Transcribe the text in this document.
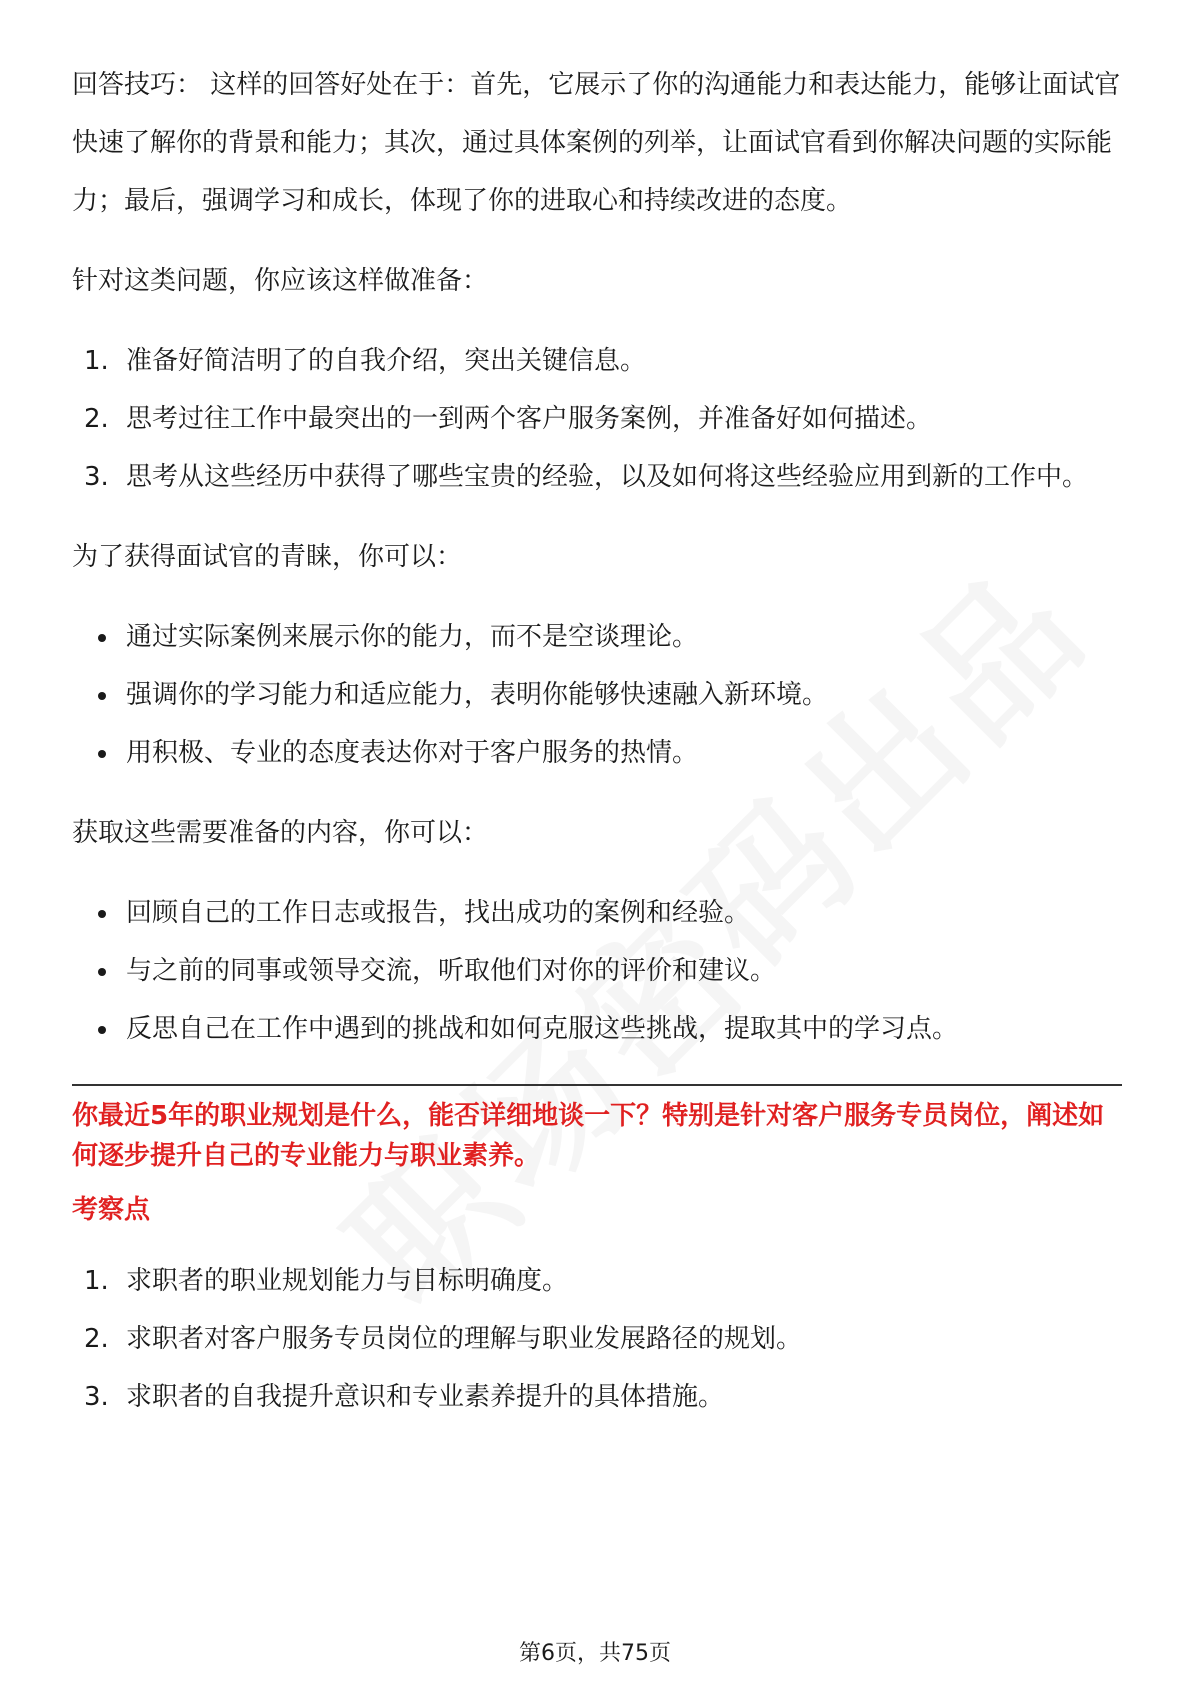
回答技巧： 这样的回答好处在于：首先，它展示了你的沟通能力和表达能力，能够让面试官快速了解你的背景和能力；其次，通过具体案例的列举，让面试官看到你解决问题的实际能力；最后，强调学习和成长，体现了你的进取心和持续改进的态度。

针对这类问题，你应该这样做准备：

1. 准备好简洁明了的自我介绍，突出关键信息。
2. 思考过往工作中最突出的一到两个客户服务案例，并准备好如何描述。
3. 思考从这些经历中获得了哪些宝贵的经验，以及如何将这些经验应用到新的工作中。

为了获得面试官的青睐，你可以：

通过实际案例来展示你的能力，而不是空谈理论。
强调你的学习能力和适应能力，表明你能够快速融入新环境。
用积极、专业的态度表达你对于客户服务的热情。

获取这些需要准备的内容，你可以：

回顾自己的工作日志或报告，找出成功的案例和经验。
与之前的同事或领导交流，听取他们对你的评价和建议。
反思自己在工作中遇到的挑战和如何克服这些挑战，提取其中的学习点。

你最近5年的职业规划是什么，能否详细地谈一下？特别是针对客户服务专员岗位，阐述如何逐步提升自己的专业能力与职业素养。

考察点

1. 求职者的职业规划能力与目标明确度。
2. 求职者对客户服务专员岗位的理解与职业发展路径的规划。
3. 求职者的自我提升意识和专业素养提升的具体措施。
第6页，共75页
